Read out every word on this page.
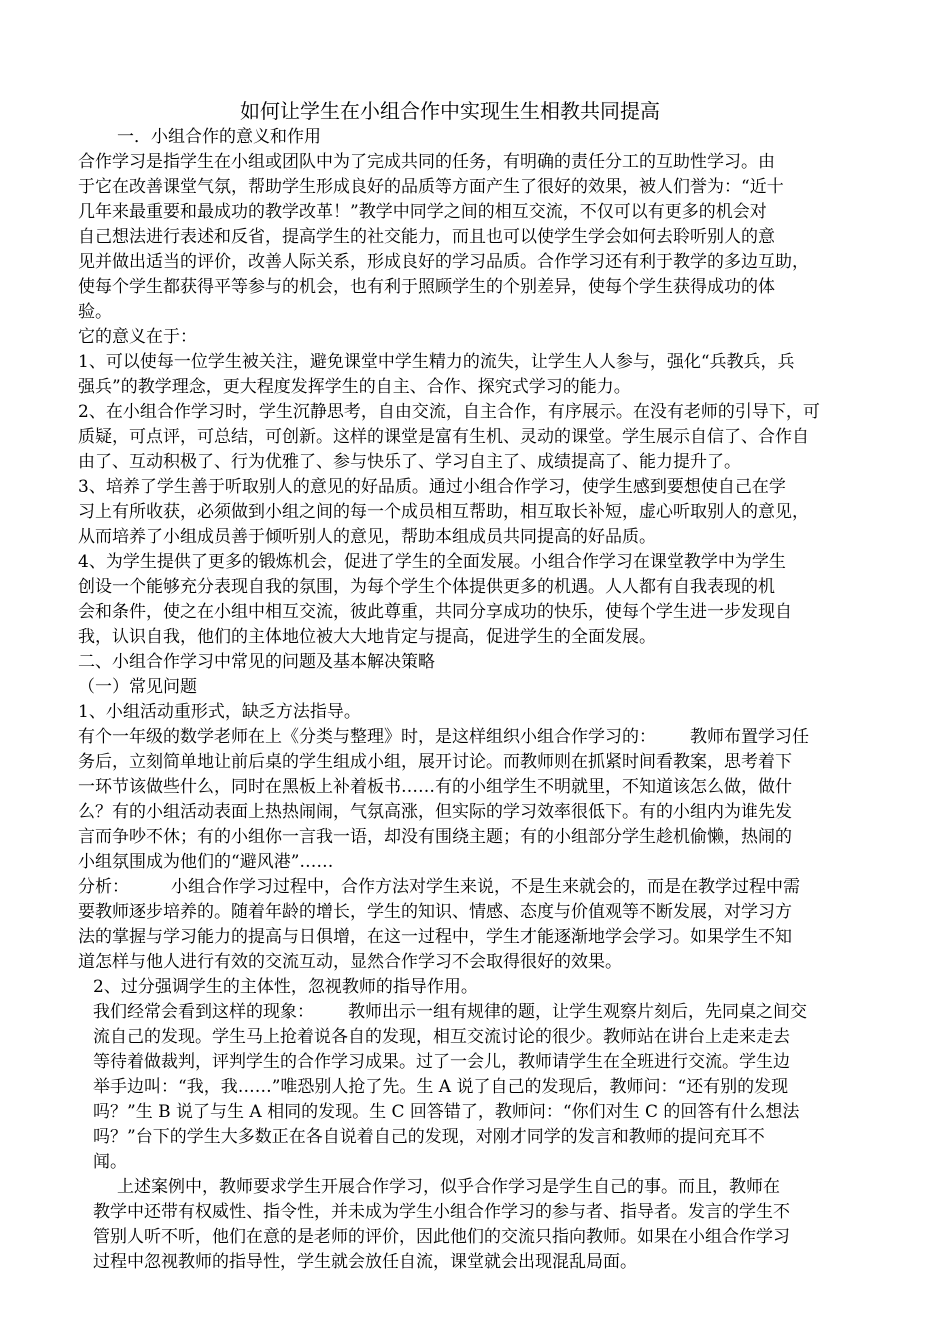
如何让学生在小组合作中实现生生相教共同提高
一．小组合作的意义和作用
合作学习是指学生在小组或团队中为了完成共同的任务，有明确的责任分工的互助性学习。由
于它在改善课堂气氛，帮助学生形成良好的品质等方面产生了很好的效果，被人们誉为：“近十
几年来最重要和最成功的教学改革！”教学中同学之间的相互交流，不仅可以有更多的机会对
自己想法进行表述和反省，提高学生的社交能力，而且也可以使学生学会如何去聆听别人的意
见并做出适当的评价，改善人际关系，形成良好的学习品质。合作学习还有利于教学的多边互助，
使每个学生都获得平等参与的机会，也有利于照顾学生的个别差异，使每个学生获得成功的体
验。
它的意义在于：
1、可以使每一位学生被关注，避免课堂中学生精力的流失，让学生人人参与，强化“兵教兵，兵
强兵”的教学理念，更大程度发挥学生的自主、合作、探究式学习的能力。
2、在小组合作学习时，学生沉静思考，自由交流，自主合作，有序展示。在没有老师的引导下，可
质疑，可点评，可总结，可创新。这样的课堂是富有生机、灵动的课堂。学生展示自信了、合作自
由了、互动积极了、行为优雅了、参与快乐了、学习自主了、成绩提高了、能力提升了。
3、培养了学生善于听取别人的意见的好品质。通过小组合作学习，使学生感到要想使自己在学
习上有所收获，必须做到小组之间的每一个成员相互帮助，相互取长补短，虚心听取别人的意见，
从而培养了小组成员善于倾听别人的意见，帮助本组成员共同提高的好品质。
4、为学生提供了更多的锻炼机会，促进了学生的全面发展。小组合作学习在课堂教学中为学生
创设一个能够充分表现自我的氛围，为每个学生个体提供更多的机遇。人人都有自我表现的机
会和条件，使之在小组中相互交流，彼此尊重，共同分享成功的快乐，使每个学生进一步发现自
我，认识自我，他们的主体地位被大大地肯定与提高，促进学生的全面发展。
二、小组合作学习中常见的问题及基本解决策略
（一）常见问题
1、小组活动重形式，缺乏方法指导。
有个一年级的数学老师在上《分类与整理》时，是这样组织小组合作学习的： 教师布置学习任
务后，立刻简单地让前后桌的学生组成小组，展开讨论。而教师则在抓紧时间看教案，思考着下
一环节该做些什么，同时在黑板上补着板书……有的小组学生不明就里，不知道该怎么做，做什
么？有的小组活动表面上热热闹闹，气氛高涨，但实际的学习效率很低下。有的小组内为谁先发
言而争吵不休；有的小组你一言我一语，却没有围绕主题；有的小组部分学生趁机偷懒，热闹的
小组氛围成为他们的“避风港”……
分析： 小组合作学习过程中，合作方法对学生来说，不是生来就会的，而是在教学过程中需
要教师逐步培养的。随着年龄的增长，学生的知识、情感、态度与价值观等不断发展，对学习方
法的掌握与学习能力的提高与日俱增，在这一过程中，学生才能逐渐地学会学习。如果学生不知
道怎样与他人进行有效的交流互动，显然合作学习不会取得很好的效果。
2、过分强调学生的主体性，忽视教师的指导作用。
我们经常会看到这样的现象： 教师出示一组有规律的题，让学生观察片刻后，先同桌之间交
流自己的发现。学生马上抢着说各自的发现，相互交流讨论的很少。教师站在讲台上走来走去
等待着做裁判，评判学生的合作学习成果。过了一会儿，教师请学生在全班进行交流。学生边
举手边叫：“我，我……”唯恐别人抢了先。生 A 说了自己的发现后，教师问：“还有别的发现
吗？”生 B 说了与生 A 相同的发现。生 C 回答错了，教师问：“你们对生 C 的回答有什么想法
吗？”台下的学生大多数正在各自说着自己的发现，对刚才同学的发言和教师的提问充耳不
闻。
上述案例中，教师要求学生开展合作学习，似乎合作学习是学生自己的事。而且，教师在
教学中还带有权威性、指令性，并未成为学生小组合作学习的参与者、指导者。发言的学生不
管别人听不听，他们在意的是老师的评价，因此他们的交流只指向教师。如果在小组合作学习
过程中忽视教师的指导性，学生就会放任自流，课堂就会出现混乱局面。
